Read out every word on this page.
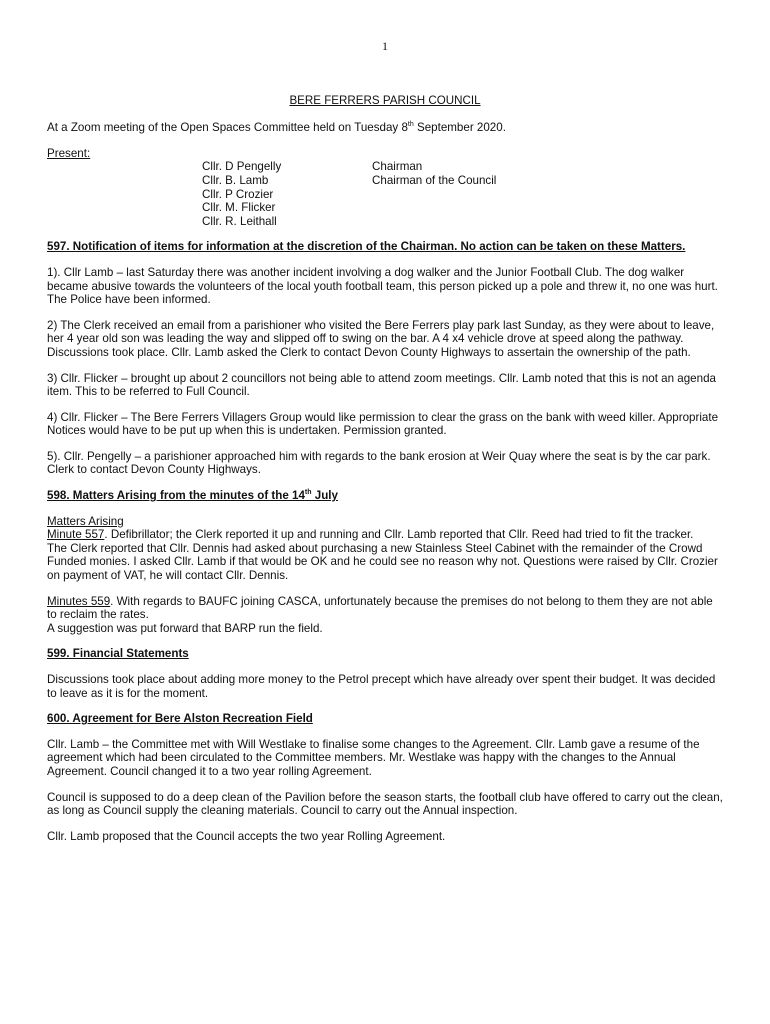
1
BERE FERRERS PARISH COUNCIL

At a Zoom meeting of the Open Spaces Committee held on Tuesday 8th September 2020.

Present:
Cllr. D Pengelly	Chairman
Cllr. B. Lamb	Chairman of the Council
Cllr. P Crozier	
Cllr. M. Flicker	
Cllr. R. Leithall	
597. Notification of items for information at the discretion of the Chairman. No action can be taken on these Matters.

1). Cllr Lamb – last Saturday there was another incident involving a dog walker and the Junior Football Club. The dog walker became abusive towards the volunteers of the local youth football team, this person picked up a pole and threw it, no one was hurt. The Police have been informed.

2) The Clerk received an email from a parishioner who visited the Bere Ferrers play park last Sunday, as they were about to leave, her 4 year old son was leading the way and slipped off to swing on the bar. A 4 x4 vehicle drove at speed along the pathway. Discussions took place. Cllr. Lamb asked the Clerk to contact Devon County Highways to assertain the ownership of the path.

3) Cllr. Flicker – brought up about 2 councillors not being able to attend zoom meetings. Cllr. Lamb noted that this is not an agenda item. This to be referred to Full Council.

4) Cllr. Flicker – The Bere Ferrers Villagers Group would like permission to clear the grass on the bank with weed killer. Appropriate Notices would have to be put up when this is undertaken. Permission granted.

5). Cllr. Pengelly – a parishioner approached him with regards to the bank erosion at Weir Quay where the seat is by the car park. Clerk to contact Devon County Highways.

598. Matters Arising from the minutes of the 14th July
Matters Arising
Minute 557. Defibrillator; the Clerk reported it up and running and Cllr. Lamb reported that Cllr. Reed had tried to fit the tracker.
The Clerk reported that Cllr. Dennis had asked about purchasing a new Stainless Steel Cabinet with the remainder of the Crowd Funded monies. I asked Cllr. Lamb if that would be OK and he could see no reason why not. Questions were raised by Cllr. Crozier on payment of VAT, he will contact Cllr. Dennis.
Minutes 559. With regards to BAUFC joining CASCA, unfortunately because the premises do not belong to them they are not able to reclaim the rates.
A suggestion was put forward that BARP run the field.
599. Financial Statements

Discussions took place about adding more money to the Petrol precept which have already over spent their budget. It was decided to leave as it is for the moment.

600. Agreement for Bere Alston Recreation Field

Cllr. Lamb – the Committee met with Will Westlake to finalise some changes to the Agreement. Cllr. Lamb gave a resume of the agreement which had been circulated to the Committee members. Mr. Westlake was happy with the changes to the Annual Agreement. Council changed it to a two year rolling Agreement.

Council is supposed to do a deep clean of the Pavilion before the season starts, the football club have offered to carry out the clean, as long as Council supply the cleaning materials. Council to carry out the Annual inspection.

Cllr. Lamb proposed that the Council accepts the two year Rolling Agreement.
